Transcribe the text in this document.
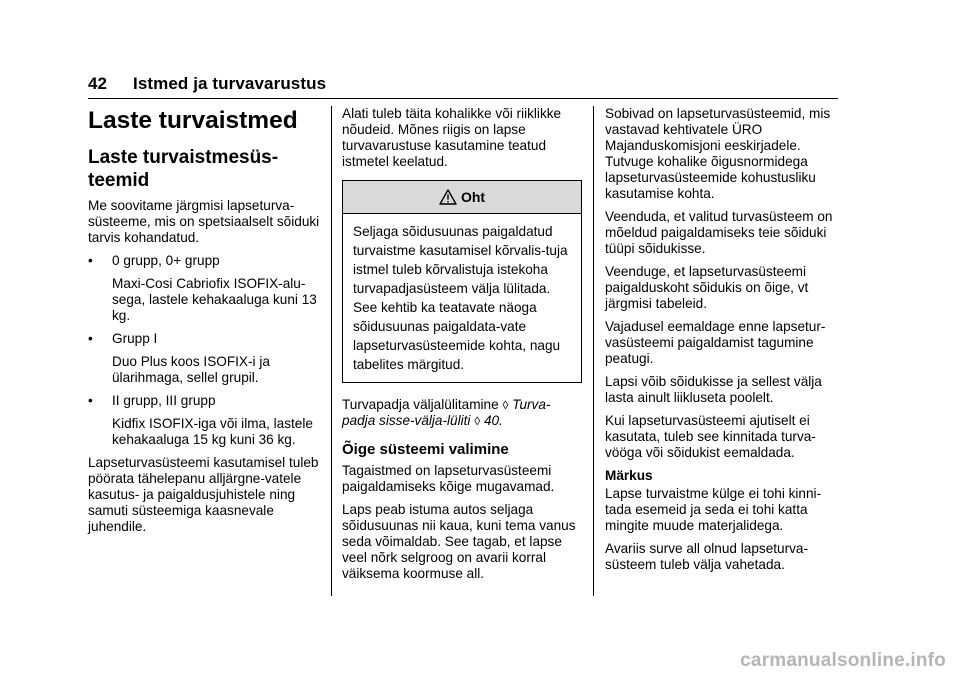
42 Istmed ja turvavarustus
Laste turvaistmed
Laste turvaistmesüs-
teemid

Me soovitame järgmisi lapseturva-süsteeme, mis on spetsiaalselt sõiduki tarvis kohandatud.

•	0 grupp, 0+ grupp

Maxi-Cosi Cabriofix ISOFIX-alu-sega, lastele kehakaaluga kuni 13 kg.

•	Grupp I

Duo Plus koos ISOFIX-i ja ülarihmaga, sellel grupil.

•	II grupp, III grupp

Kidfix ISOFIX-iga või ilma, lastele kehakaaluga 15 kg kuni 36 kg.

Lapseturvasüsteemi kasutamisel tuleb pöörata tähelepanu alljärgne-vatele kasutus- ja paigaldusjuhistele ning samuti süsteemiga kaasnevale juhendile.

Alati tuleb täita kohalikke või riiklikke nõudeid. Mõnes riigis on lapse turvavarustuse kasutamine teatud istmetel keelatud.

Oht
Seljaga sõidusuunas paigaldatud turvaistme kasutamisel kõrvalis-tuja istmel tuleb kõrvalistuja istekoha turvapadjasüsteem välja lülitada. See kehtib ka teatavate näoga sõidusuunas paigaldata-vate lapseturvasüsteemide kohta, nagu tabelites märgitud.

Turvapadja väljalülitamine ◊ Turva-padja sisse-välja-lüliti ◊ 40.

Õige süsteemi valimine

Tagaistmed on lapseturvasüsteemi paigaldamiseks kõige mugavamad.

Laps peab istuma autos seljaga sõidusuunas nii kaua, kuni tema vanus seda võimaldab. See tagab, et lapse veel nõrk selgroog on avarii korral väiksema koormuse all.

Sobivad on lapseturvasüsteemid, mis vastavad kehtivatele ÜRO Majanduskomisjoni eeskirjadele. Tutvuge kohalike õigusnormidega lapseturvasüsteemide kohustusliku kasutamise kohta.

Veenduda, et valitud turvasüsteem on mõeldud paigaldamiseks teie sõiduki tüüpi sõidukisse.

Veenduge, et lapseturvasüsteemi paigalduskoht sõidukis on õige, vt järgmisi tabeleid.

Vajadusel eemaldage enne lapsetur-vasüsteemi paigaldamist tagumine peatugi.

Lapsi võib sõidukisse ja sellest välja lasta ainult liikluseta poolelt.

Kui lapseturvasüsteemi ajutiselt ei kasutata, tuleb see kinnitada turva-vööga või sõidukist eemaldada.

Märkus

Lapse turvaistme külge ei tohi kinni-tada esemeid ja seda ei tohi katta mingite muude materjalidega.

Avariis surve all olnud lapseturva-süsteem tuleb välja vahetada.

carmanualsonline.info
